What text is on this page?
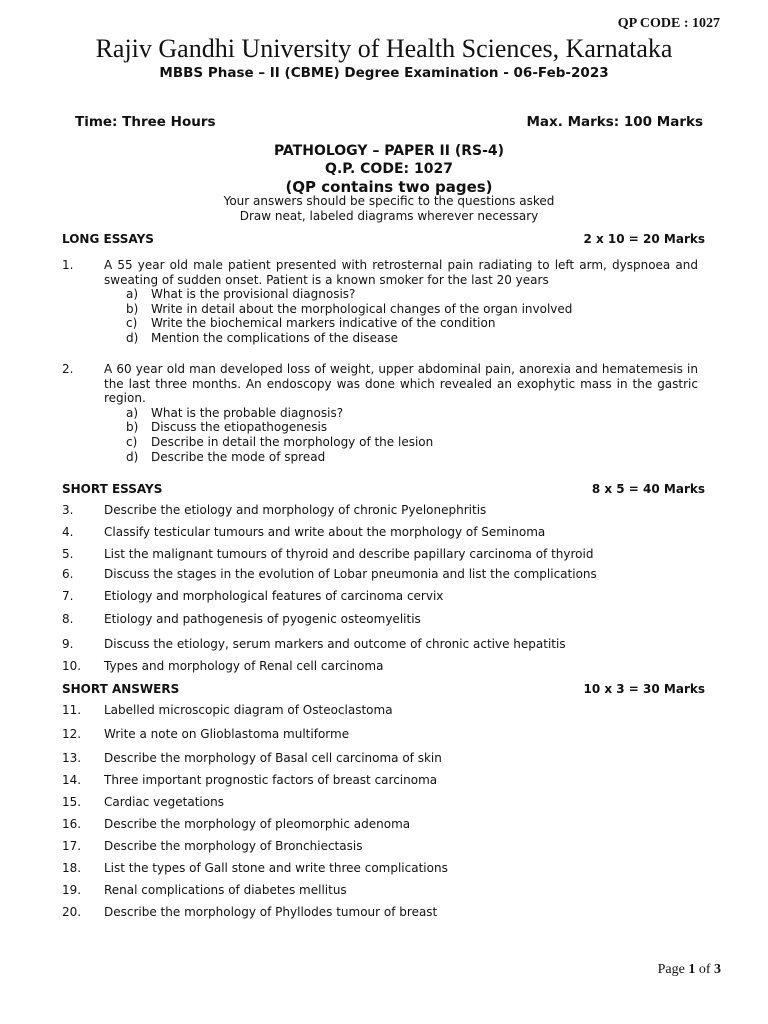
QP CODE : 1027
Rajiv Gandhi University of Health Sciences, Karnataka
MBBS Phase – II (CBME) Degree Examination - 06-Feb-2023
Time: Three Hours	Max. Marks: 100 Marks
PATHOLOGY – PAPER II (RS-4)
Q.P. CODE: 1027
(QP contains two pages)
Your answers should be specific to the questions asked
Draw neat, labeled diagrams wherever necessary
LONG ESSAYS	2 x 10 = 20 Marks
1.	A 55 year old male patient presented with retrosternal pain radiating to left arm, dyspnoea and sweating of sudden onset. Patient is a known smoker for the last 20 years
a)	What is the provisional diagnosis?
b)	Write in detail about the morphological changes of the organ involved
c)	Write the biochemical markers indicative of the condition
d)	Mention the complications of the disease
2.	A 60 year old man developed loss of weight, upper abdominal pain, anorexia and hematemesis in the last three months. An endoscopy was done which revealed an exophytic mass in the gastric region.
a)	What is the probable diagnosis?
b)	Discuss the etiopathogenesis
c)	Describe in detail the morphology of the lesion
d)	Describe the mode of spread
SHORT ESSAYS	8 x 5 = 40 Marks
3.	Describe the etiology and morphology of chronic Pyelonephritis
4.	Classify testicular tumours and write about the morphology of Seminoma
5.	List the malignant tumours of thyroid and describe papillary carcinoma of thyroid
6.	Discuss the stages in the evolution of Lobar pneumonia and list the complications
7.	Etiology and morphological features of carcinoma cervix
8.	Etiology and pathogenesis of pyogenic osteomyelitis
9.	Discuss the etiology, serum markers and outcome of chronic active hepatitis
10.	Types and morphology of Renal cell carcinoma
SHORT ANSWERS	10 x 3 = 30 Marks
11.	Labelled microscopic diagram of Osteoclastoma
12.	Write a note on Glioblastoma multiforme
13.	Describe the morphology of Basal cell carcinoma of skin
14.	Three important prognostic factors of breast carcinoma
15.	Cardiac vegetations
16.	Describe the morphology of pleomorphic adenoma
17.	Describe the morphology of Bronchiectasis
18.	List the types of Gall stone and write three complications
19.	Renal complications of diabetes mellitus
20.	Describe the morphology of Phyllodes tumour of breast
Page 1 of 3
